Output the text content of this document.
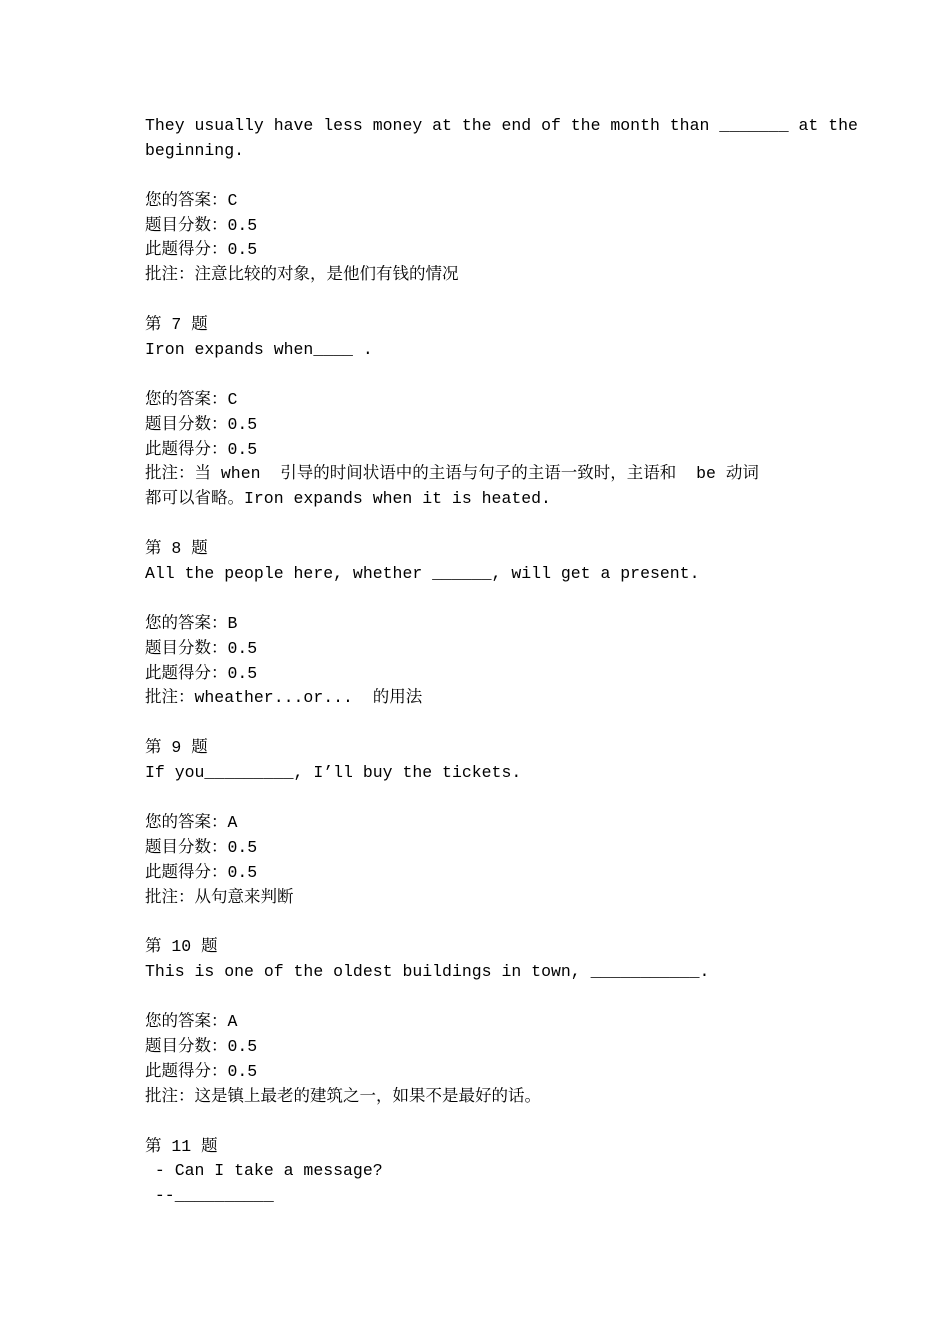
They usually have less money at the end of the month than _______ at the
beginning.
您的答案：C
题目分数：0.5
此题得分：0.5
批注：注意比较的对象，是他们有钱的情况
第 7 题
Iron expands when____ .
您的答案：C
题目分数：0.5
此题得分：0.5
批注：当 when  引导的时间状语中的主语与句子的主语一致时，主语和  be 动词
都可以省略。Iron expands when it is heated.
第 8 题
All the people here, whether ______, will get a present.
您的答案：B
题目分数：0.5
此题得分：0.5
批注：wheather...or...  的用法
第 9 题
If you_________, I’ll buy the tickets.
您的答案：A
题目分数：0.5
此题得分：0.5
批注：从句意来判断
第 10 题
This is one of the oldest buildings in town, ___________.
您的答案：A
题目分数：0.5
此题得分：0.5
批注：这是镇上最老的建筑之一，如果不是最好的话。
第 11 题
- Can I take a message?
--__________
